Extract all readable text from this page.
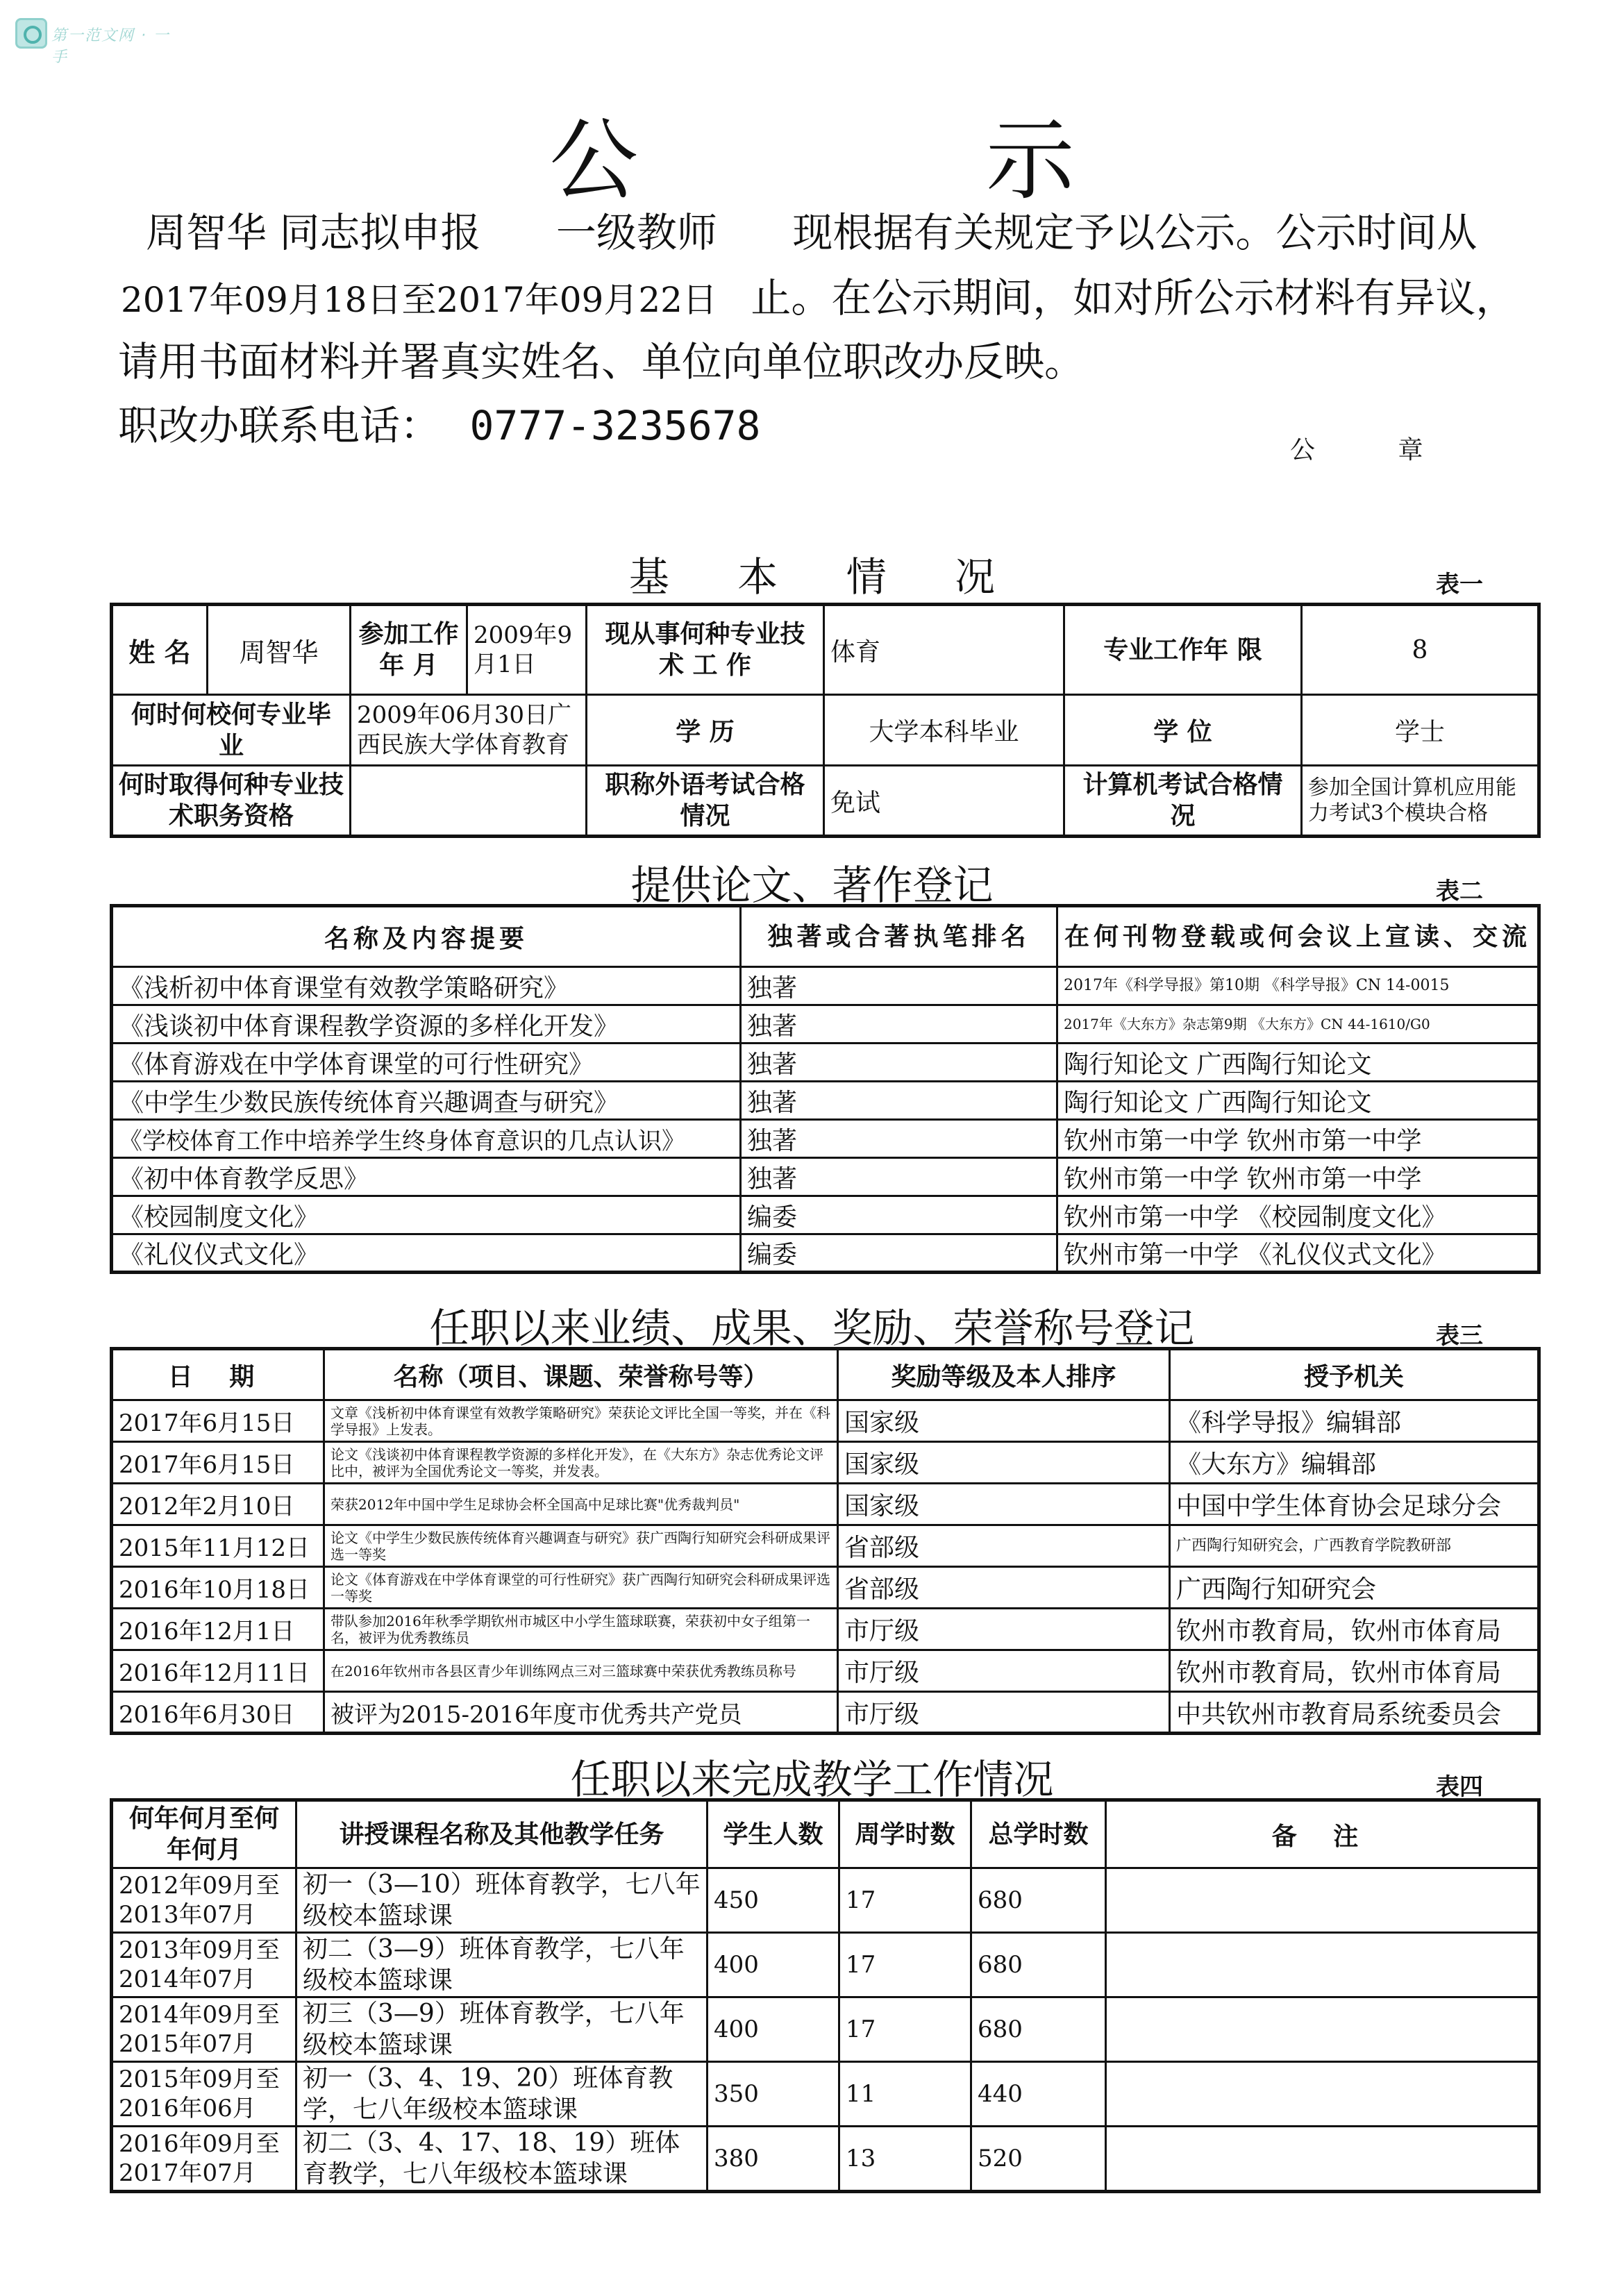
第一范文网 · 一手
公 示
周智华 同志拟申报 一级教师 现根据有关规定予以公示。公示时间从
2017年09月18日至2017年09月22日 止。在公示期间，如对所公示材料有异议，
请用书面材料并署真实姓名、单位向单位职改办反映。
职改办联系电话： 0777-3235678
公 章
基 本 情 况	表一
姓 名	周智华	参加工作年 月	2009年9月1日	现从事何种专业技 术 工 作	体育	专业工作年 限	8
何时何校何专业毕 业		2009年06月30日广西民族大学体育教育		学 历	大学本科毕业	学 位	学士
何时取得何种专业技术职务资格				职称外语考试合格情况	免试	计算机考试合格情况	参加全国计算机应用能力考试3个模块合格
提供论文、著作登记	表二
名称及内容提要	独著或合著执笔排名	在何刊物登载或何会议上宣读、交流
《浅析初中体育课堂有效教学策略研究》	独著	2017年《科学导报》第10期 《科学导报》CN 14-0015
《浅谈初中体育课程教学资源的多样化开发》	独著	2017年《大东方》杂志第9期 《大东方》CN 44-1610/G0
《体育游戏在中学体育课堂的可行性研究》	独著	陶行知论文 广西陶行知论文
《中学生少数民族传统体育兴趣调查与研究》	独著	陶行知论文 广西陶行知论文
《学校体育工作中培养学生终身体育意识的几点认识》	独著	钦州市第一中学 钦州市第一中学
《初中体育教学反思》	独著	钦州市第一中学 钦州市第一中学
《校园制度文化》	编委	钦州市第一中学 《校园制度文化》
《礼仪仪式文化》	编委	钦州市第一中学 《礼仪仪式文化》
任职以来业绩、成果、奖励、荣誉称号登记	表三
日 期	名称（项目、课题、荣誉称号等）	奖励等级及本人排序	授予机关
2017年6月15日	文章《浅析初中体育课堂有效教学策略研究》荣获论文评比全国一等奖，并在《科学导报》上发表。	国家级	《科学导报》编辑部
2017年6月15日	论文《浅谈初中体育课程教学资源的多样化开发》，在《大东方》杂志优秀论文评比中，被评为全国优秀论文一等奖，并发表。	国家级	《大东方》编辑部
2012年2月10日	荣获2012年中国中学生足球协会杯全国高中足球比赛"优秀裁判员"	国家级	中国中学生体育协会足球分会
2015年11月12日	论文《中学生少数民族传统体育兴趣调查与研究》获广西陶行知研究会科研成果评选一等奖	省部级	广西陶行知研究会，广西教育学院教研部
2016年10月18日	论文《体育游戏在中学体育课堂的可行性研究》获广西陶行知研究会科研成果评选一等奖	省部级	广西陶行知研究会
2016年12月1日	带队参加2016年秋季学期钦州市城区中小学生篮球联赛，荣获初中女子组第一名，被评为优秀教练员	市厅级	钦州市教育局，钦州市体育局
2016年12月11日	在2016年钦州市各县区青少年训练网点三对三篮球赛中荣获优秀教练员称号	市厅级	钦州市教育局，钦州市体育局
2016年6月30日	被评为2015-2016年度市优秀共产党员	市厅级	中共钦州市教育局系统委员会
任职以来完成教学工作情况	表四
何年何月至何年何月	讲授课程名称及其他教学任务	学生人数	周学时数	总学时数	备 注
2012年09月至2013年07月	初一（3—10）班体育教学，七八年级校本篮球课	450	17	680	
2013年09月至2014年07月	初二（3—9）班体育教学，七八年级校本篮球课	400	17	680	
2014年09月至2015年07月	初三（3—9）班体育教学，七八年级校本篮球课	400	17	680	
2015年09月至2016年06月	初一（3、4、19、20）班体育教学，七八年级校本篮球课	350	11	440	
2016年09月至2017年07月	初二（3、4、17、18、19）班体育教学，七八年级校本篮球课	380	13	520	
